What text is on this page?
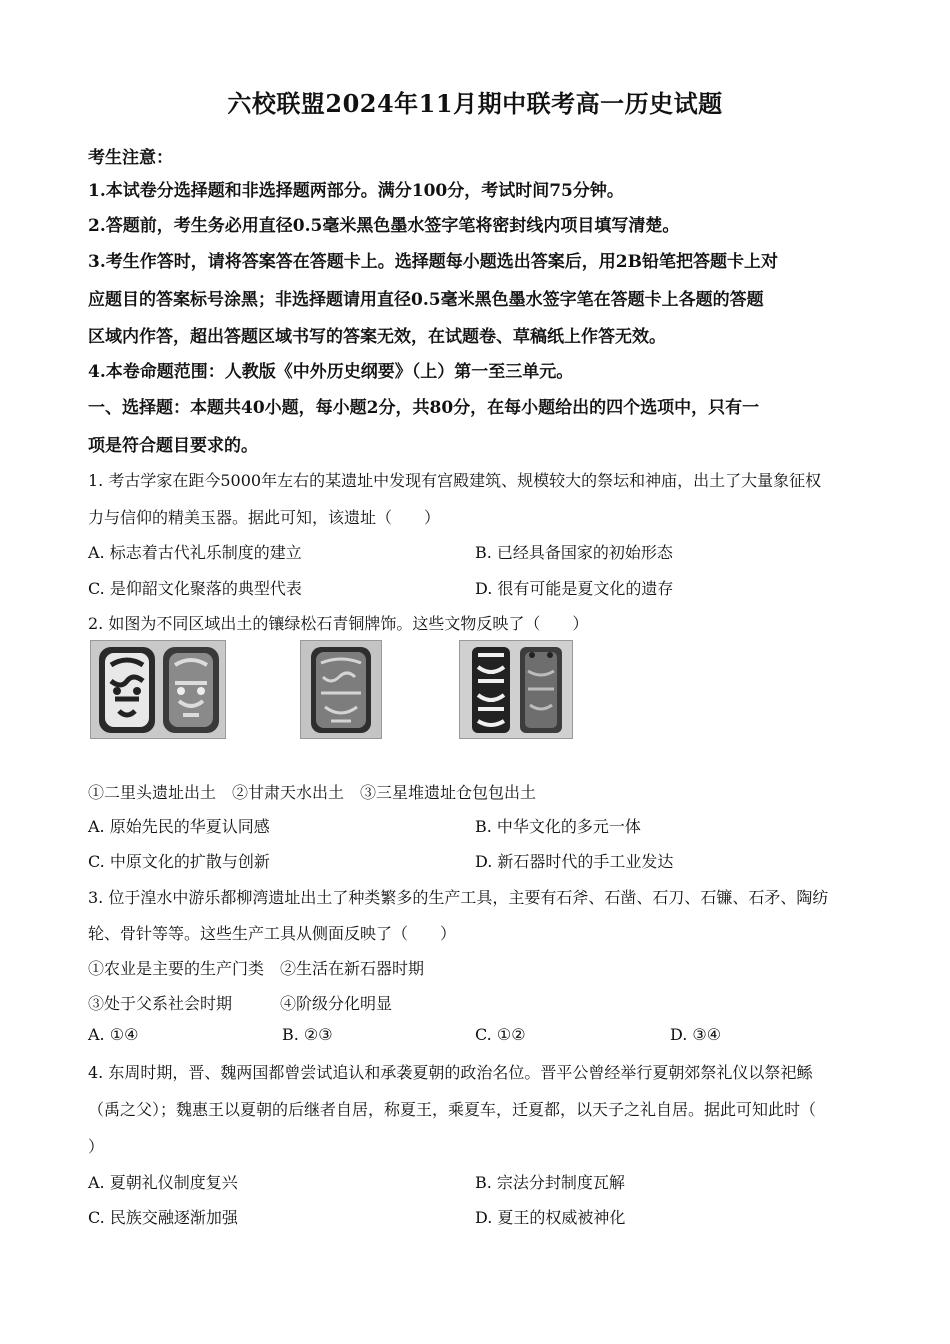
六校联盟2024年11月期中联考高一历史试题
考生注意：
1.本试卷分选择题和非选择题两部分。满分100分，考试时间75分钟。
2.答题前，考生务必用直径0.5毫米黑色墨水签字笔将密封线内项目填写清楚。
3.考生作答时，请将答案答在答题卡上。选择题每小题选出答案后，用2B铅笔把答题卡上对
应题目的答案标号涂黑；非选择题请用直径0.5毫米黑色墨水签字笔在答题卡上各题的答题
区域内作答，超出答题区域书写的答案无效，在试题卷、草稿纸上作答无效。
4.本卷命题范围：人教版《中外历史纲要》（上）第一至三单元。
一、选择题：本题共40小题，每小题2分，共80分，在每小题给出的四个选项中，只有一
项是符合题目要求的。
1. 考古学家在距今5000年左右的某遗址中发现有宫殿建筑、规模较大的祭坛和神庙，出土了大量象征权
力与信仰的精美玉器。据此可知，该遗址（　　）
A. 标志着古代礼乐制度的建立	B. 已经具备国家的初始形态
C. 是仰韶文化聚落的典型代表	D. 很有可能是夏文化的遗存
2. 如图为不同区域出土的镶绿松石青铜牌饰。这些文物反映了（　　）
①二里头遗址出土　②甘肃天水出土　③三星堆遗址仓包包出土
A. 原始先民的华夏认同感	B. 中华文化的多元一体
C. 中原文化的扩散与创新	D. 新石器时代的手工业发达
3. 位于湟水中游乐都柳湾遗址出土了种类繁多的生产工具，主要有石斧、石凿、石刀、石镰、石矛、陶纺
轮、骨针等等。这些生产工具从侧面反映了（　　）
①农业是主要的生产门类　②生活在新石器时期
③处于父系社会时期　　　④阶级分化明显
A. ①④	B. ②③	C. ①②	D. ③④
4. 东周时期，晋、魏两国都曾尝试追认和承袭夏朝的政治名位。晋平公曾经举行夏朝郊祭礼仪以祭祀鲧
（禹之父）；魏惠王以夏朝的后继者自居，称夏王，乘夏车，迁夏都，以天子之礼自居。据此可知此时（
）
A. 夏朝礼仪制度复兴	B. 宗法分封制度瓦解
C. 民族交融逐渐加强	D. 夏王的权威被神化
